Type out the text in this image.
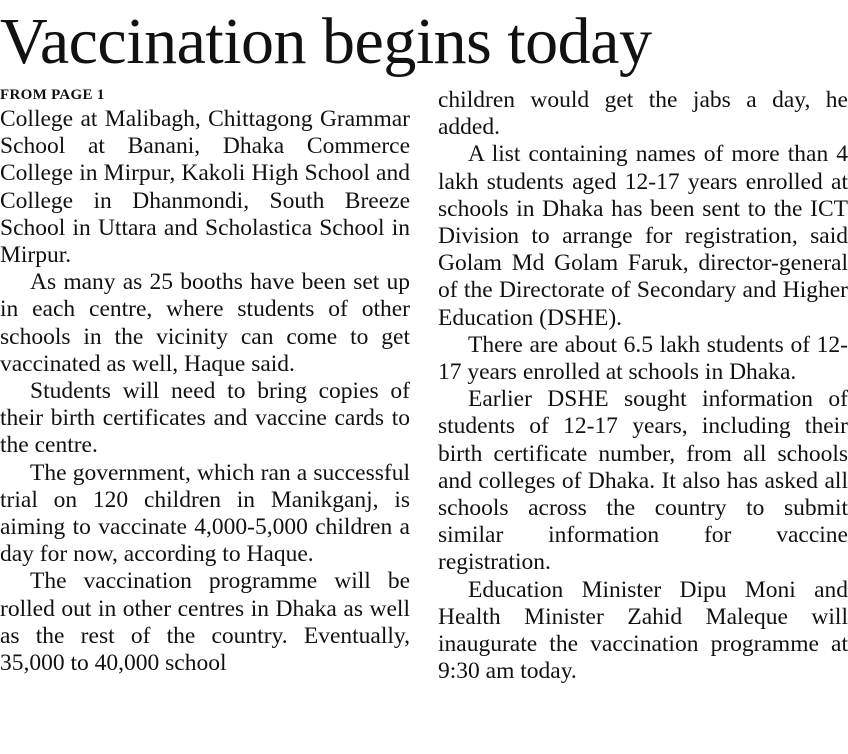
Vaccination begins today
FROM PAGE 1

College at Malibagh, Chittagong Grammar School at Banani, Dhaka Commerce College in Mirpur, Kakoli High School and College in Dhanmondi, South Breeze School in Uttara and Scholastica School in Mirpur.

As many as 25 booths have been set up in each centre, where students of other schools in the vicinity can come to get vaccinated as well, Haque said.

Students will need to bring copies of their birth certificates and vaccine cards to the centre.

The government, which ran a successful trial on 120 children in Manikganj, is aiming to vaccinate 4,000-5,000 children a day for now, according to Haque.

The vaccination programme will be rolled out in other centres in Dhaka as well as the rest of the country. Eventually, 35,000 to 40,000 school

children would get the jabs a day, he added.

A list containing names of more than 4 lakh students aged 12-17 years enrolled at schools in Dhaka has been sent to the ICT Division to arrange for registration, said Golam Md Golam Faruk, director-general of the Directorate of Secondary and Higher Education (DSHE).

There are about 6.5 lakh students of 12-17 years enrolled at schools in Dhaka.

Earlier DSHE sought information of students of 12-17 years, including their birth certificate number, from all schools and colleges of Dhaka. It also has asked all schools across the country to submit similar information for vaccine registration.

Education Minister Dipu Moni and Health Minister Zahid Maleque will inaugurate the vaccination programme at 9:30 am today.
